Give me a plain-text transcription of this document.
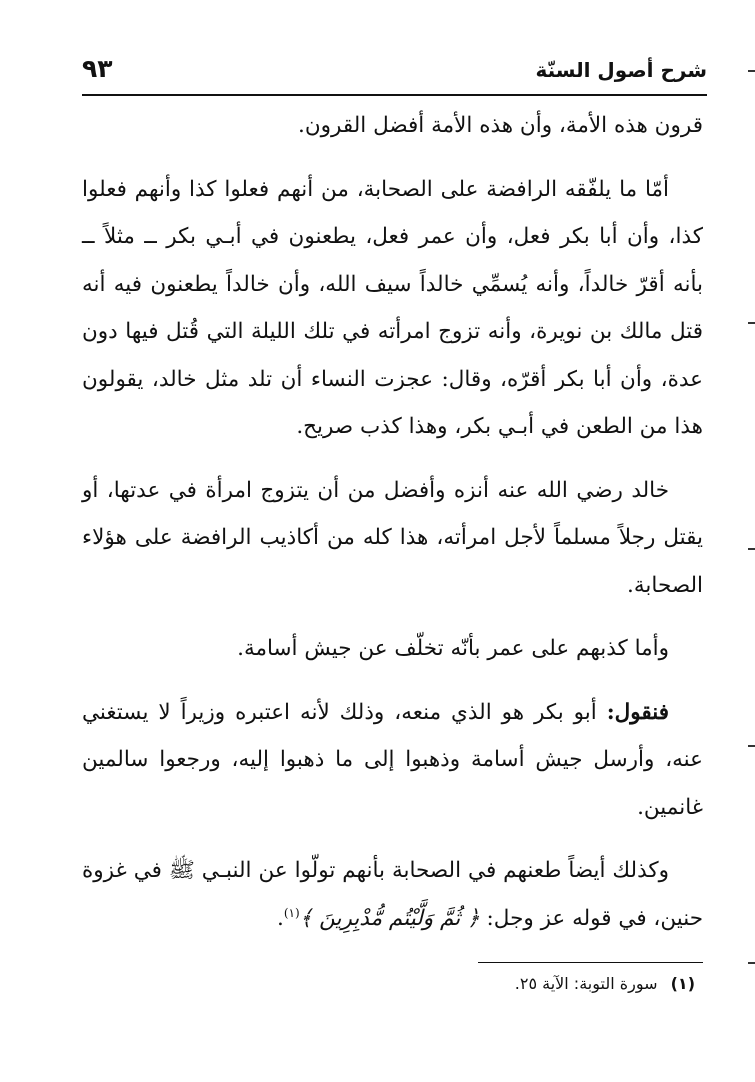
شرح أصول السنّة
٩٣

قرون هذه الأمة، وأن هذه الأمة أفضل القرون.

أمّا ما يلفّقه الرافضة على الصحابة، من أنهم فعلوا كذا وأنهم فعلوا كذا، وأن أبا بكر فعل، وأن عمر فعل، يطعنون في أبـي بكر ــ مثلاً ــ بأنه أقرّ خالداً، وأنه يُسمِّي خالداً سيف الله، وأن خالداً يطعنون فيه أنه قتل مالك بن نويرة، وأنه تزوج امرأته في تلك الليلة التي قُتل فيها دون عدة، وأن أبا بكر أقرّه، وقال: عجزت النساء أن تلد مثل خالد، يقولون هذا من الطعن في أبـي بكر، وهذا كذب صريح.

خالد رضي الله عنه أنزه وأفضل من أن يتزوج امرأة في عدتها، أو يقتل رجلاً مسلماً لأجل امرأته، هذا كله من أكاذيب الرافضة على هؤلاء الصحابة.

وأما كذبهم على عمر بأنّه تخلّف عن جيش أسامة.

فنقول: أبو بكر هو الذي منعه، وذلك لأنه اعتبره وزيراً لا يستغني عنه، وأرسل جيش أسامة وذهبوا إلى ما ذهبوا إليه، ورجعوا سالمين غانمين.

وكذلك أيضاً طعنهم في الصحابة بأنهم تولّوا عن النبـي ﷺ في غزوة حنين، في قوله عز وجل: ﴿ ثُمَّ وَلَّيْتُم مُّدْبِرِينَ ﴾$^{(١)}$.

(١) سورة التوبة: الآية ٢٥.
